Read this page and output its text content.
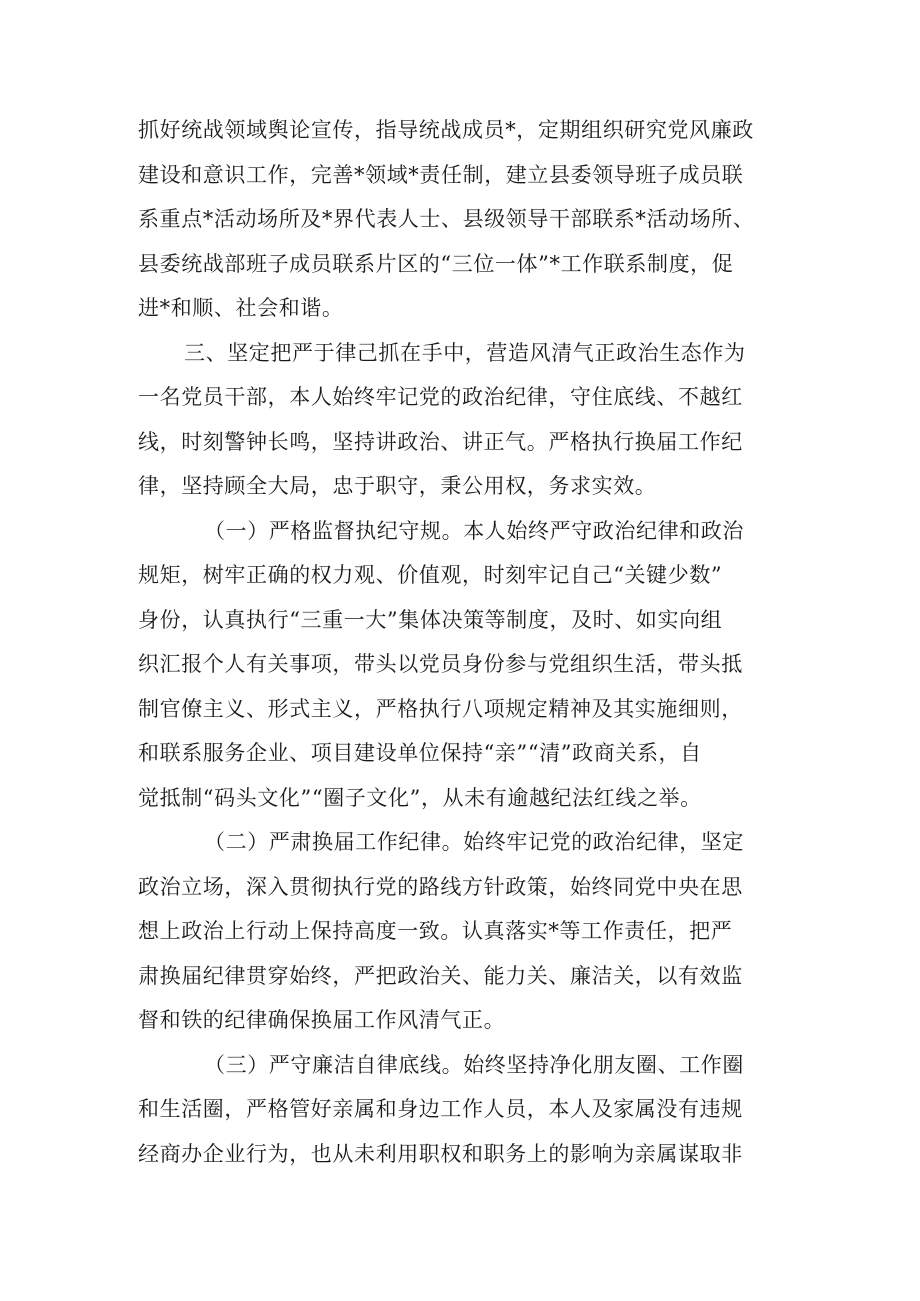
抓好统战领域舆论宣传，指导统战成员*，定期组织研究党风廉政
建设和意识工作，完善*领域*责任制，建立县委领导班子成员联
系重点*活动场所及*界代表人士、县级领导干部联系*活动场所、
县委统战部班子成员联系片区的“三位一体”*工作联系制度，促
进*和顺、社会和谐。
三、坚定把严于律己抓在手中，营造风清气正政治生态作为
一名党员干部，本人始终牢记党的政治纪律，守住底线、不越红
线，时刻警钟长鸣，坚持讲政治、讲正气。严格执行换届工作纪
律，坚持顾全大局，忠于职守，秉公用权，务求实效。
（一）严格监督执纪守规。本人始终严守政治纪律和政治
规矩，树牢正确的权力观、价值观，时刻牢记自己“关键少数”
身份，认真执行“三重一大”集体决策等制度，及时、如实向组
织汇报个人有关事项，带头以党员身份参与党组织生活，带头抵
制官僚主义、形式主义，严格执行八项规定精神及其实施细则，
和联系服务企业、项目建设单位保持“亲”“清”政商关系，自
觉抵制“码头文化”“圈子文化”，从未有逾越纪法红线之举。
（二）严肃换届工作纪律。始终牢记党的政治纪律，坚定
政治立场，深入贯彻执行党的路线方针政策，始终同党中央在思
想上政治上行动上保持高度一致。认真落实*等工作责任，把严
肃换届纪律贯穿始终，严把政治关、能力关、廉洁关，以有效监
督和铁的纪律确保换届工作风清气正。
（三）严守廉洁自律底线。始终坚持净化朋友圈、工作圈
和生活圈，严格管好亲属和身边工作人员，本人及家属没有违规
经商办企业行为，也从未利用职权和职务上的影响为亲属谋取非
